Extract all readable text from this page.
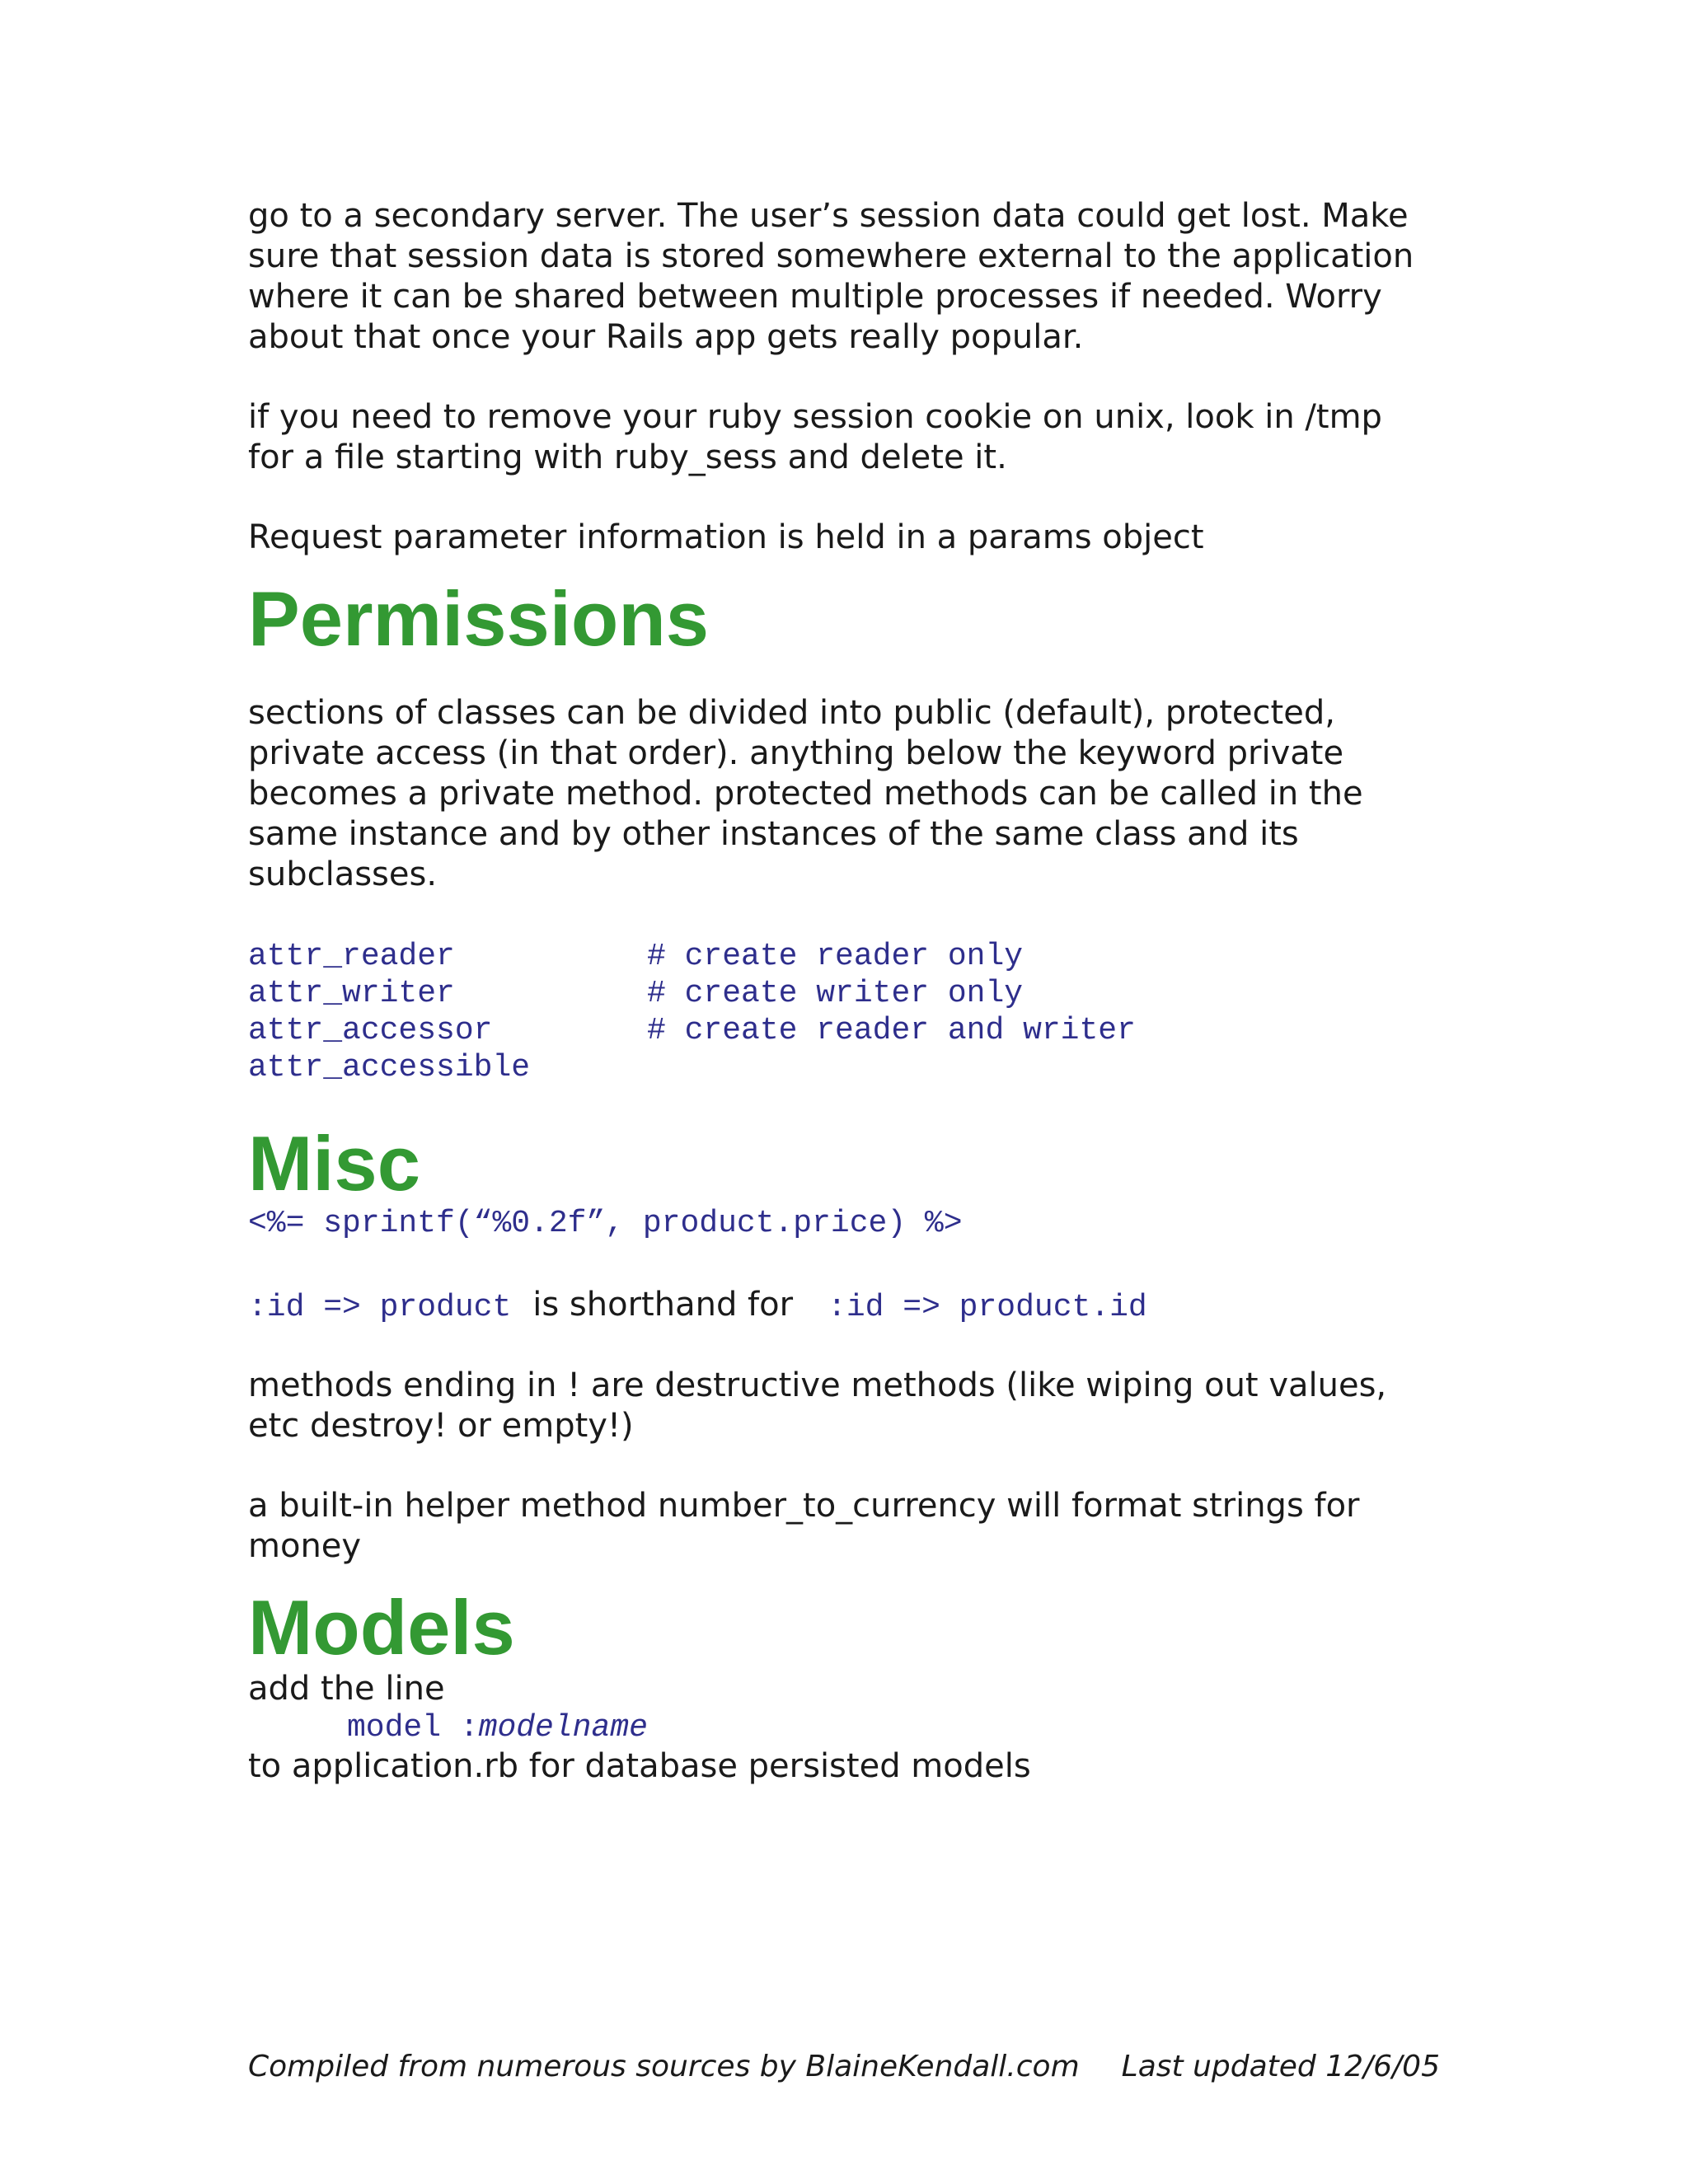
go to a secondary server. The user’s session data could get lost. Make
sure that session data is stored somewhere external to the application
where it can be shared between multiple processes if needed. Worry
about that once your Rails app gets really popular.

if you need to remove your ruby session cookie on unix, look in /tmp
for a file starting with ruby_sess and delete it.

Request parameter information is held in a params object

Permissions

sections of classes can be divided into public (default), protected,
private access (in that order). anything below the keyword private
becomes a private method. protected methods can be called in the
same instance and by other instances of the same class and its
subclasses.

attr_reader	# create reader only
attr_writer	# create writer only
attr_accessor	# create reader and writer
attr_accessible
Misc
<%= sprintf(“%0.2f”, product.price) %>
:id => product is shorthand for :id => product.id

methods ending in ! are destructive methods (like wiping out values,
etc destroy! or empty!)

a built-in helper method number_to_currency will format strings for
money

Models

add the line

model :modelname

to application.rb for database persisted models

Compiled from numerous sources by BlaineKendall.com Last updated 12/6/05
